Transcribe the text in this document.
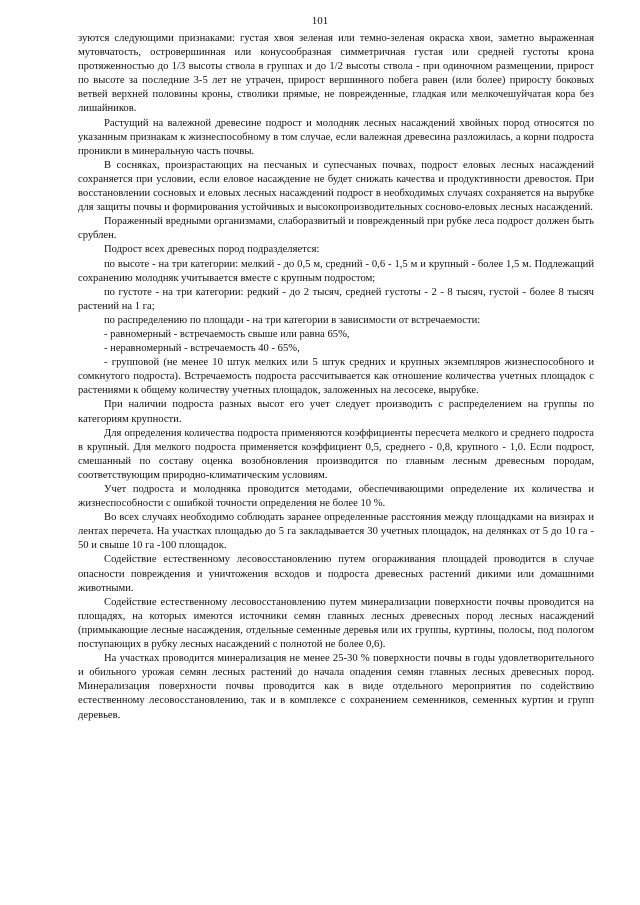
101

зуются следующими признаками: густая хвоя зеленая или темно-зеленая окраска хвои, заметно выраженная мутовчатость, островершинная или конусообразная симметричная густая или средней густоты крона протяженностью до 1/3 высоты ствола в группах и до 1/2 высоты ствола - при одиночном размещении, прирост по высоте за последние 3-5 лет не утрачен, прирост вершинного побега равен (или более) приросту боковых ветвей верхней половины кроны, стволики прямые, не поврежденные, гладкая или мелкочешуйчатая кора без лишайников.

Растущий на валежной древесине подрост и молодняк лесных насаждений хвойных пород относятся по указанным признакам к жизнеспособному в том случае, если валежная древесина разложилась, а корни подроста проникли в минеральную часть почвы.

В сосняках, произрастающих на песчаных и супесчаных почвах, подрост еловых лесных насаждений сохраняется при условии, если еловое насаждение не будет снижать качества и продуктивности древостоя. При восстановлении сосновых и еловых лесных насаждений подрост в необходимых случаях сохраняется на вырубке для защиты почвы и формирования устойчивых и высокопроизводительных сосново-еловых лесных насаждений.

Пораженный вредными организмами, слаборазвитый и поврежденный при рубке леса подрост должен быть срублен.

Подрост всех древесных пород подразделяется:

по высоте - на три категории: мелкий - до 0,5 м, средний - 0,6 - 1,5 м и крупный - более 1,5 м. Подлежащий сохранению молодняк учитывается вместе с крупным подростом;

по густоте - на три категории: редкий - до 2 тысяч, средней густоты - 2 - 8 тысяч, густой - более 8 тысяч растений на 1 га;

по распределению по площади - на три категории в зависимости от встречаемости:

- равномерный - встречаемость свыше или равна 65%,

- неравномерный - встречаемость 40 - 65%,

- групповой (не менее 10 штук мелких или 5 штук средних и крупных экземпляров жизнеспособного и сомкнутого подроста). Встречаемость подроста рассчитывается как отношение количества учетных площадок с растениями к общему количеству учетных площадок, заложенных на лесосеке, вырубке.

При наличии подроста разных высот его учет следует производить с распределением на группы по категориям крупности.

Для определения количества подроста применяются коэффициенты пересчета мелкого и среднего подроста в крупный. Для мелкого подроста применяется коэффициент 0,5, среднего - 0,8, крупного - 1,0. Если подрост, смешанный по составу оценка возобновления производится по главным лесным древесным породам, соответствующим природно-климатическим условиям.

Учет подроста и молодняка проводится методами, обеспечивающими определение их количества и жизнеспособности с ошибкой точности определения не более 10 %.

Во всех случаях необходимо соблюдать заранее определенные расстояния между площадками на визирах и лентах перечета. На участках площадью до 5 га закладывается 30 учетных площадок, на делянках от 5 до 10 га - 50 и свыше 10 га -100 площадок.

Содействие естественному лесовосстановлению путем огораживания площадей проводится в случае опасности повреждения и уничтожения всходов и подроста древесных растений дикими или домашними животными.

Содействие естественному лесовосстановлению путем минерализации поверхности почвы проводится на площадях, на которых имеются источники семян главных лесных древесных пород лесных насаждений (примыкающие лесные насаждения, отдельные семенные деревья или их группы, куртины, полосы, под пологом поступающих в рубку лесных насаждений с полнотой не более 0,6).

На участках проводится минерализация не менее 25-30 % поверхности почвы в годы удовлетворительного и обильного урожая семян лесных растений до начала опадения семян главных лесных древесных пород. Минерализация поверхности почвы проводится как в виде отдельного мероприятия по содействию естественному лесовосстановлению, так и в комплексе с сохранением семенников, семенных куртин и групп деревьев.
